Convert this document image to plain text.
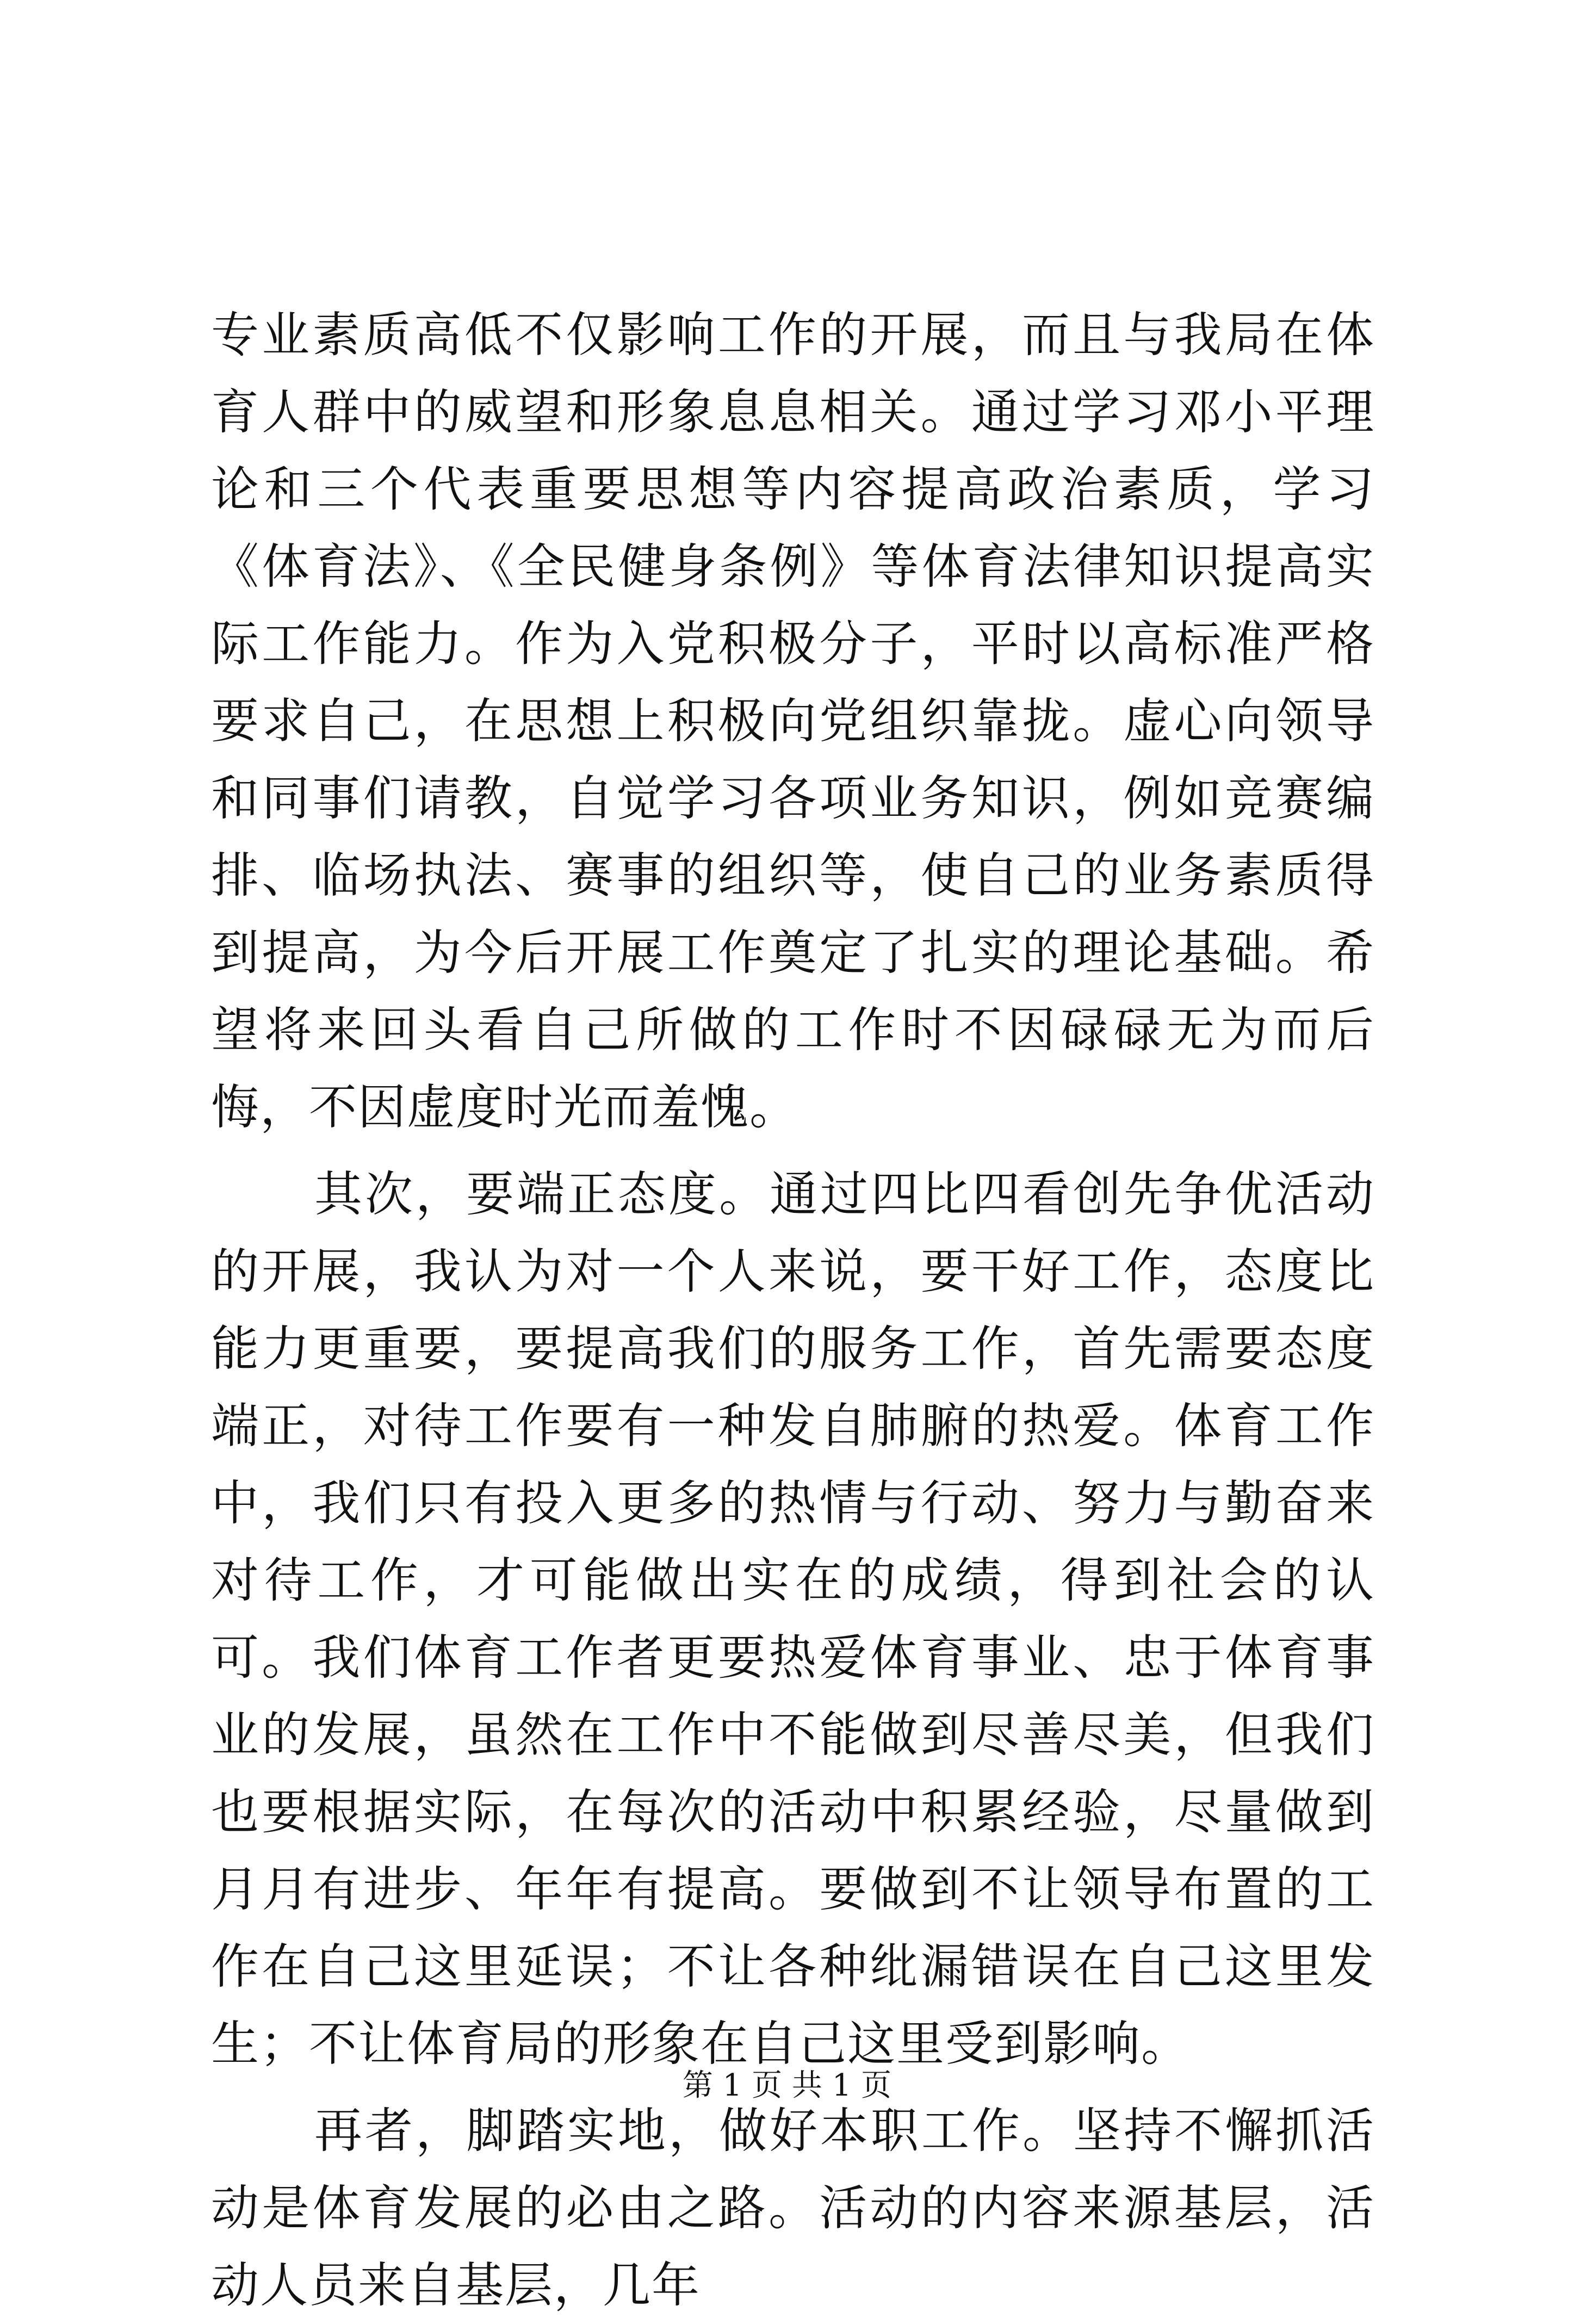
专业素质高低不仅影响工作的开展，而且与我局在体育人群中的威望和形象息息相关。通过学习邓小平理论和三个代表重要思想等内容提高政治素质，学习《体育法》、《全民健身条例》等体育法律知识提高实际工作能力。作为入党积极分子，平时以高标准严格要求自己，在思想上积极向党组织靠拢。虚心向领导和同事们请教，自觉学习各项业务知识，例如竞赛编排、临场执法、赛事的组织等，使自己的业务素质得到提高，为今后开展工作奠定了扎实的理论基础。希望将来回头看自己所做的工作时不因碌碌无为而后悔，不因虚度时光而羞愧。

其次，要端正态度。通过四比四看创先争优活动的开展，我认为对一个人来说，要干好工作，态度比能力更重要，要提高我们的服务工作，首先需要态度端正，对待工作要有一种发自肺腑的热爱。体育工作中，我们只有投入更多的热情与行动、努力与勤奋来对待工作，才可能做出实在的成绩，得到社会的认可。我们体育工作者更要热爱体育事业、忠于体育事业的发展，虽然在工作中不能做到尽善尽美，但我们也要根据实际，在每次的活动中积累经验，尽量做到月月有进步、年年有提高。要做到不让领导布置的工作在自己这里延误；不让各种纰漏错误在自己这里发生；不让体育局的形象在自己这里受到影响。

再者，脚踏实地，做好本职工作。坚持不懈抓活动是体育发展的必由之路。活动的内容来源基层，活动人员来自基层，几年

第 1 页 共 1 页
